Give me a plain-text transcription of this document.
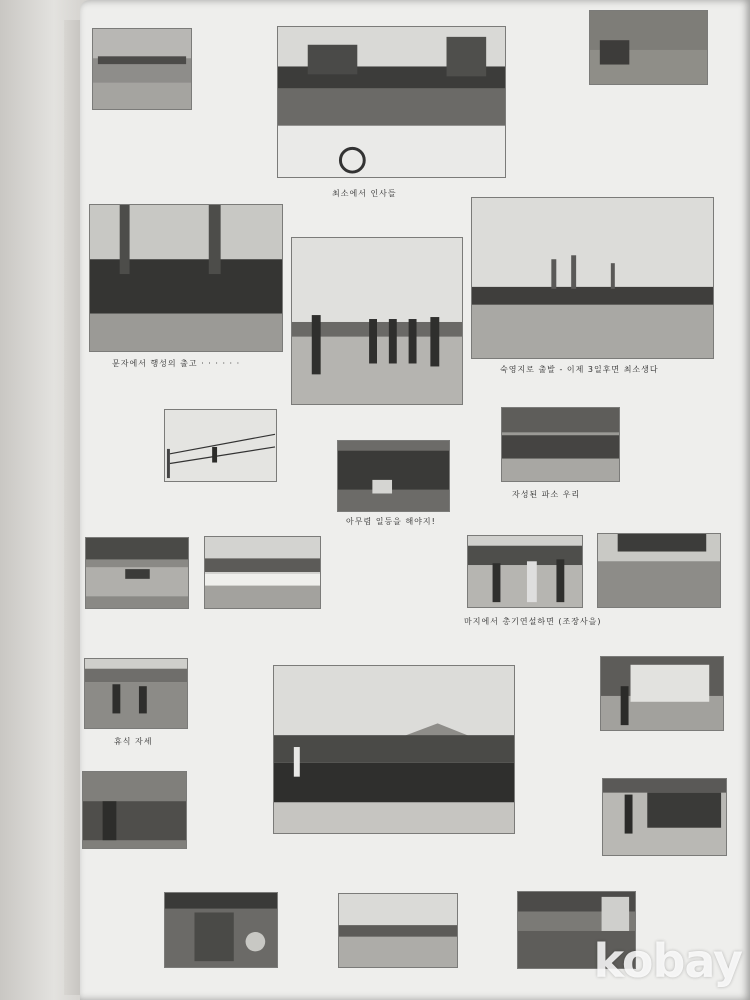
최소에서 인사들
문자에서 행성의 출고 · · · · · ·
숙영지로 출발 - 이제 3일후면 최소생다
아무렴 일등을 해야지!
자성된 파소 우리
마지에서 총기연설하면 (조장사을)
휴식 자세
kobay
